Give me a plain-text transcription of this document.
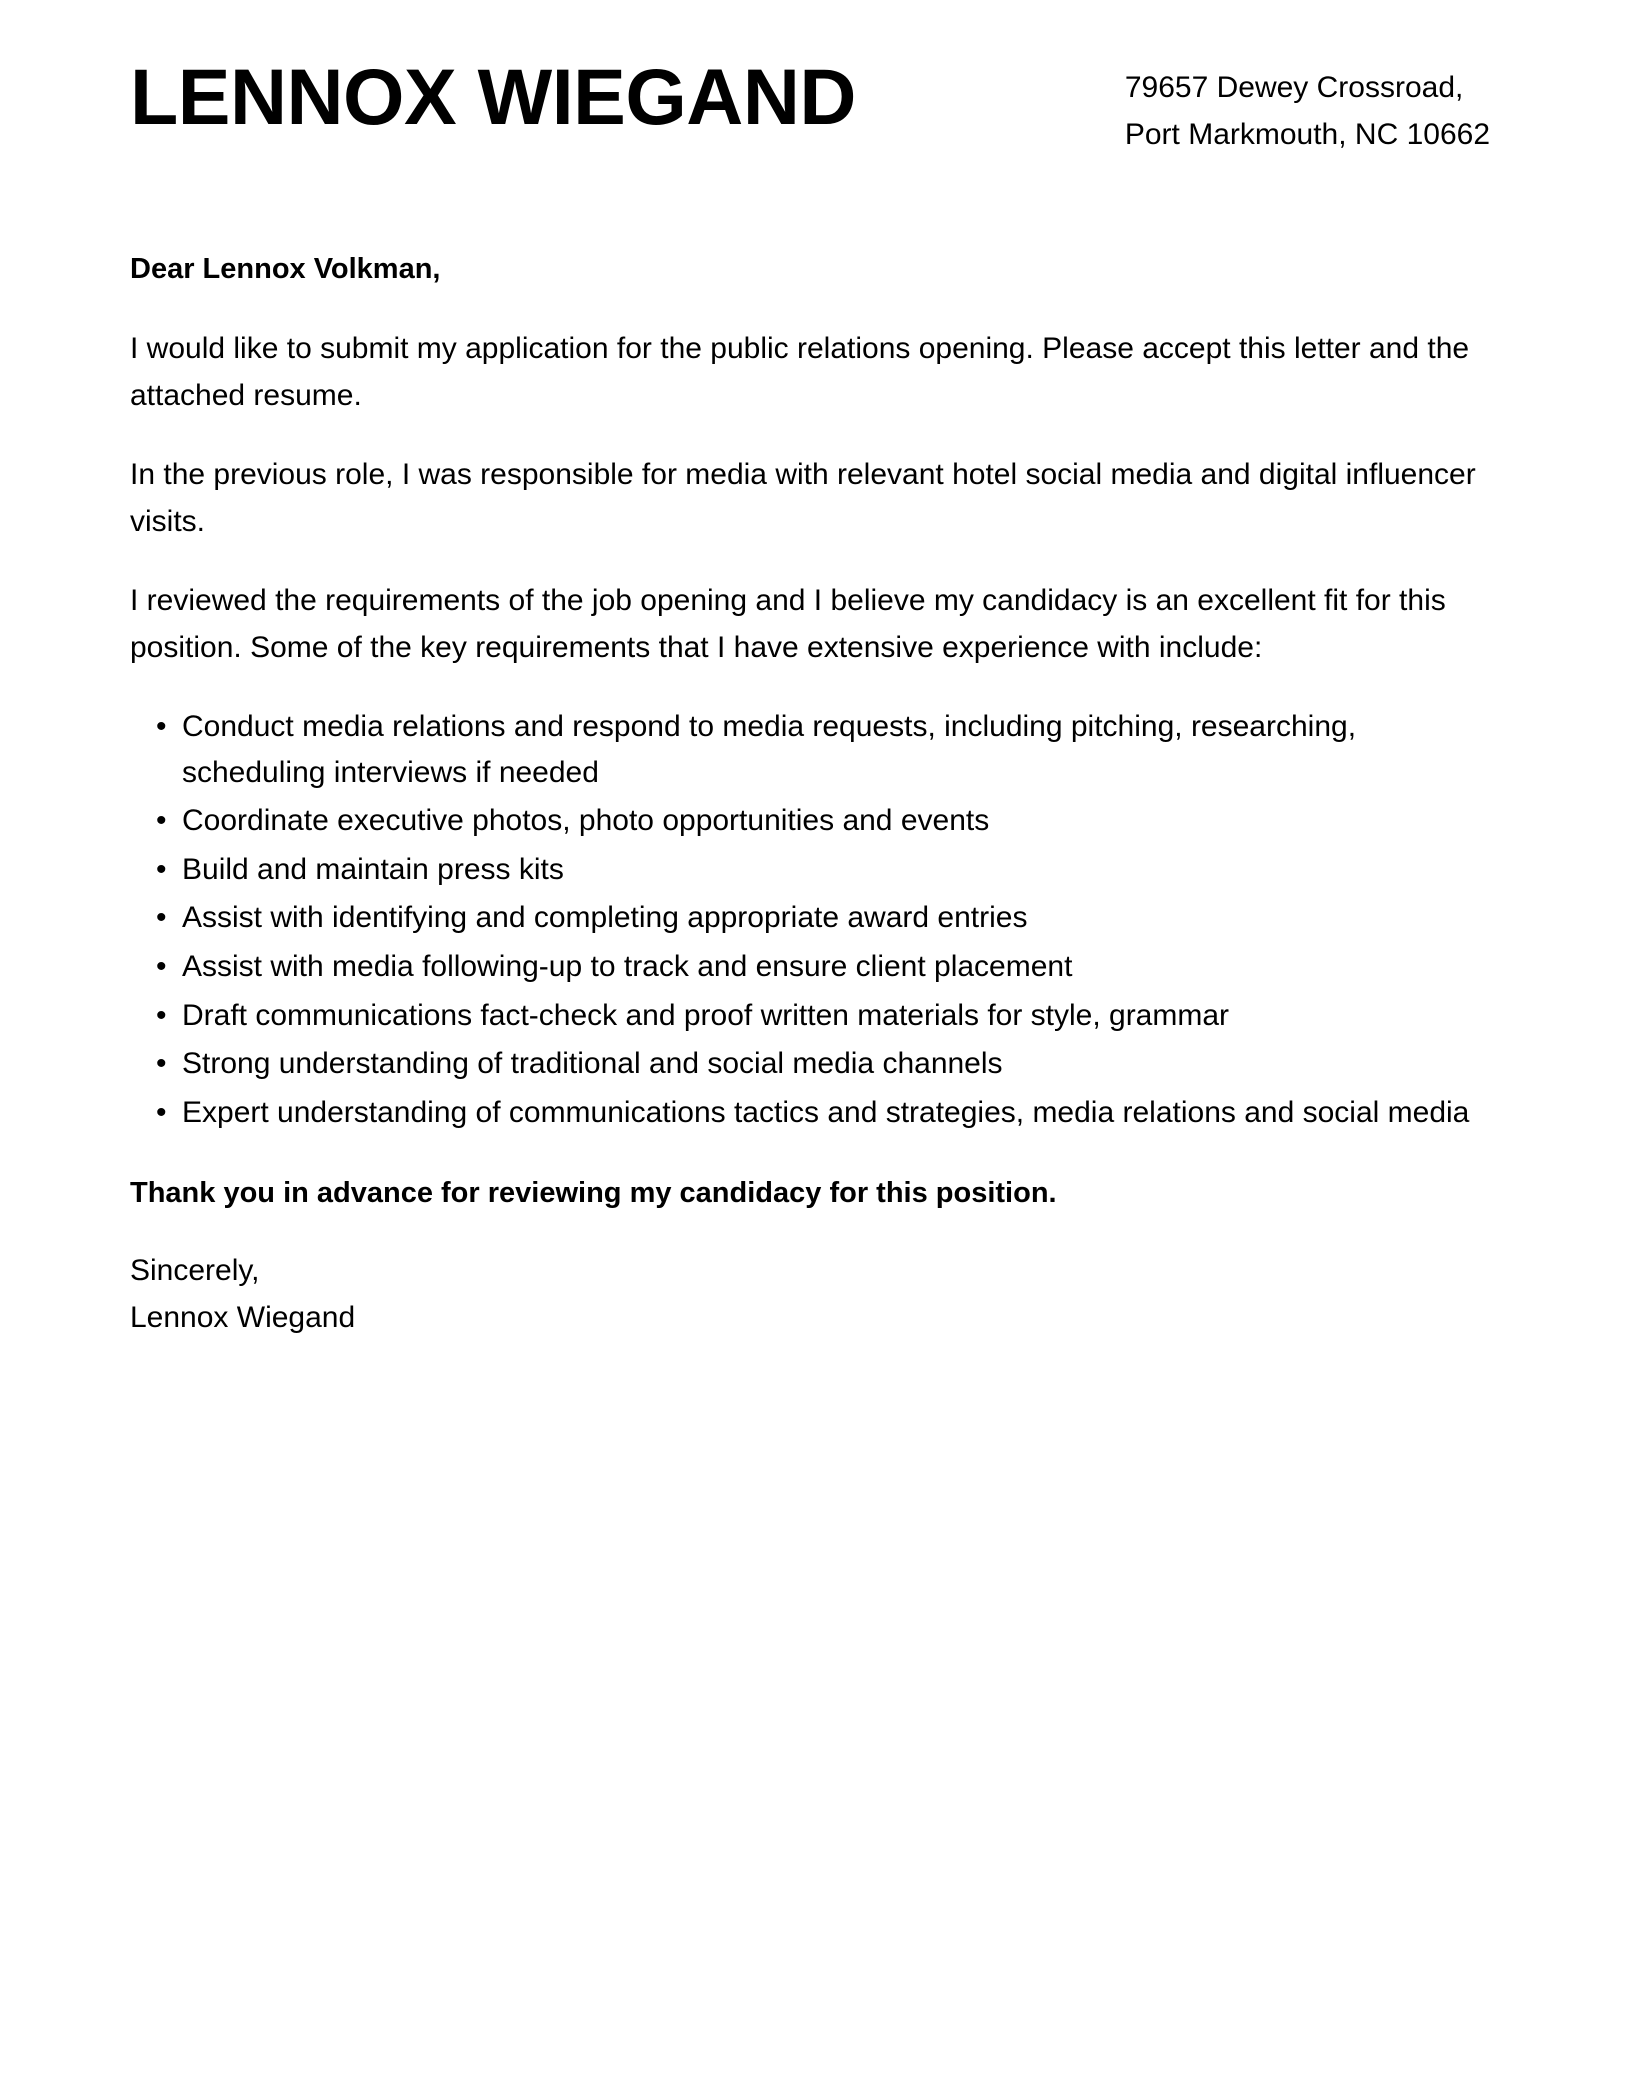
LENNOX WIEGAND	79657 Dewey Crossroad,
Port Markmouth, NC 10662

Dear Lennox Volkman,

I would like to submit my application for the public relations opening. Please accept this letter and the attached resume.

In the previous role, I was responsible for media with relevant hotel social media and digital influencer visits.

I reviewed the requirements of the job opening and I believe my candidacy is an excellent fit for this position. Some of the key requirements that I have extensive experience with include:

• Conduct media relations and respond to media requests, including pitching, researching, scheduling interviews if needed
• Coordinate executive photos, photo opportunities and events
• Build and maintain press kits
• Assist with identifying and completing appropriate award entries
• Assist with media following-up to track and ensure client placement
• Draft communications fact-check and proof written materials for style, grammar
• Strong understanding of traditional and social media channels
• Expert understanding of communications tactics and strategies, media relations and social media

Thank you in advance for reviewing my candidacy for this position.

Sincerely,
Lennox Wiegand
